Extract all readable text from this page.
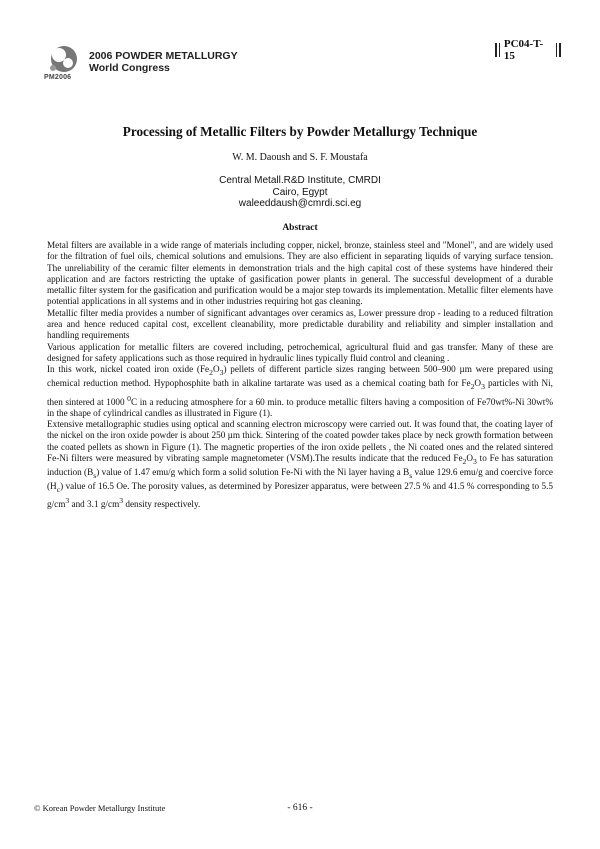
PM2006
2006 POWDER METALLURGY
World Congress
PC04-T-15
Processing of Metallic Filters by Powder Metallurgy Technique
W. M. Daoush and S. F. Moustafa
Central Metall.R&D Institute, CMRDI
Cairo, Egypt
waleeddaush@cmrdi.sci.eg
Abstract

Metal filters are available in a wide range of materials including copper, nickel, bronze, stainless steel and "Monel", and are widely used for the filtration of fuel oils, chemical solutions and emulsions. They are also efficient in separating liquids of varying surface tension. The unreliability of the ceramic filter elements in demonstration trials and the high capital cost of these systems have hindered their application and are factors restricting the uptake of gasification power plants in general. The successful development of a durable metallic filter system for the gasification and purification would be a major step towards its implementation. Metallic filter elements have potential applications in all systems and in other industries requiring hot gas cleaning.

Metallic filter media provides a number of significant advantages over ceramics as, Lower pressure drop - leading to a reduced filtration area and hence reduced capital cost, excellent cleanability, more predictable durability and reliability and simpler installation and handling requirements

Various application for metallic filters are covered including, petrochemical, agricultural fluid and gas transfer. Many of these are designed for safety applications such as those required in hydraulic lines typically fluid control and cleaning .

In this work, nickel coated iron oxide $(Fe_2O_3)$ pellets of different particle sizes ranging between 500–900 µm were prepared using chemical reduction method. Hypophosphite bath in alkaline tartarate was used as a chemical coating bath for $Fe_2O_3$ particles with Ni, then sintered at 1000 $^0$C in a reducing atmosphere for a 60 min. to produce metallic filters having a composition of Fe70wt%-Ni 30wt% in the shape of cylindrical candles as illustrated in Figure (1).

Extensive metallographic studies using optical and scanning electron microscopy were carried out. It was found that, the coating layer of the nickel on the iron oxide powder is about 250 µm thick. Sintering of the coated powder takes place by neck growth formation between the coated pellets as shown in Figure (1). The magnetic properties of the iron oxide pellets , the Ni coated ones and the related sintered Fe-Ni filters were measured by vibrating sample magnetometer (VSM).The results indicate that the reduced $Fe_2O_3$ to Fe has saturation induction $(B_s)$ value of 1.47 emu/g which form a solid solution Fe-Ni with the Ni layer having a $B_s$ value 129.6 emu/g and coercive force $(H_c)$ value of 16.5 Oe. The porosity values, as determined by Poresizer apparatus, were between 27.5 % and 41.5 % corresponding to 5.5 $g/cm^3$ and 3.1 $g/cm^3$ density respectively.

© Korean Powder Metallurgy Institute	- 616 -
